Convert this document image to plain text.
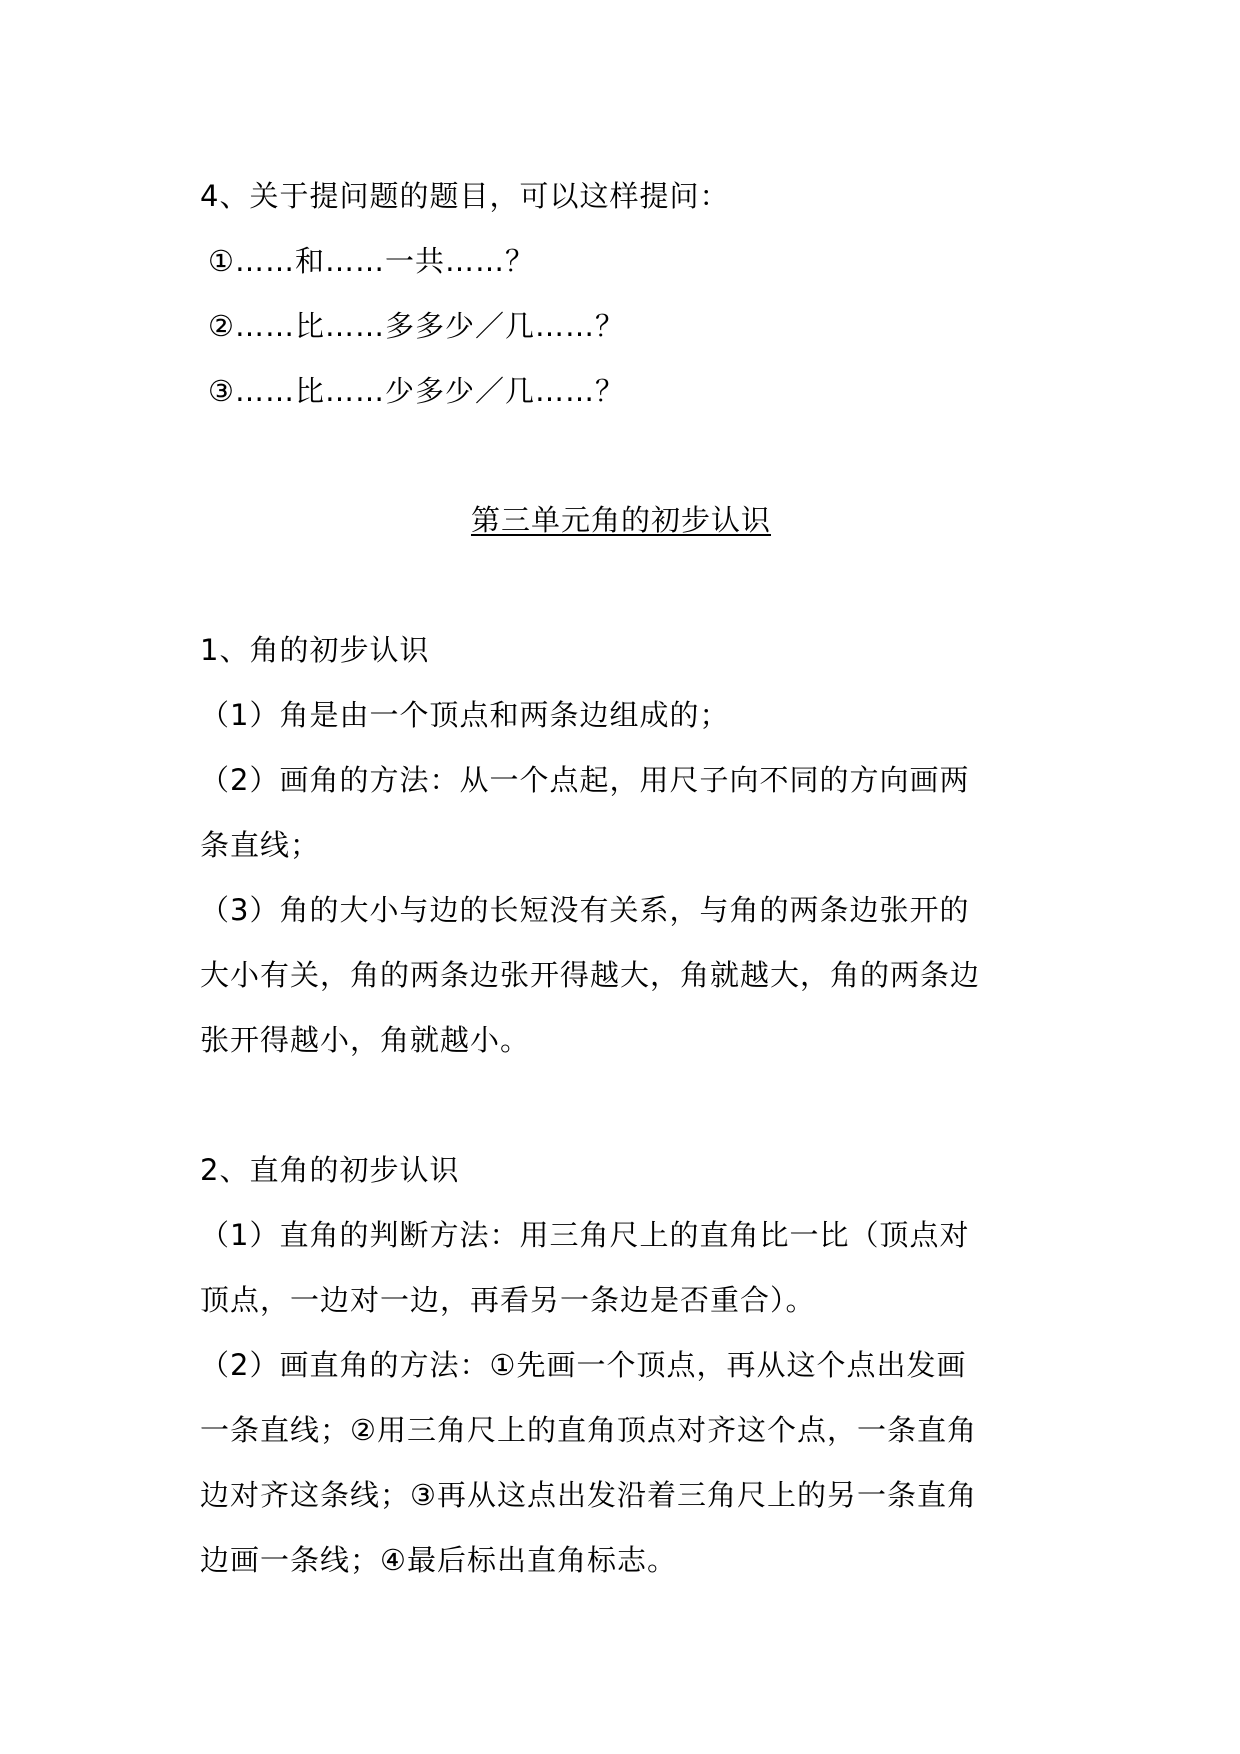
4、关于提问题的题目，可以这样提问：
①……和……一共……？
②……比……多多少／几……？
③……比……少多少／几……？
第三单元角的初步认识
1、角的初步认识
（1）角是由一个顶点和两条边组成的；
（2）画角的方法：从一个点起，用尺子向不同的方向画两
条直线；
（3）角的大小与边的长短没有关系，与角的两条边张开的
大小有关，角的两条边张开得越大，角就越大，角的两条边
张开得越小，角就越小。
2、直角的初步认识
（1）直角的判断方法：用三角尺上的直角比一比（顶点对
顶点，一边对一边，再看另一条边是否重合）。
（2）画直角的方法：①先画一个顶点，再从这个点出发画
一条直线；②用三角尺上的直角顶点对齐这个点，一条直角
边对齐这条线；③再从这点出发沿着三角尺上的另一条直角
边画一条线；④最后标出直角标志。
